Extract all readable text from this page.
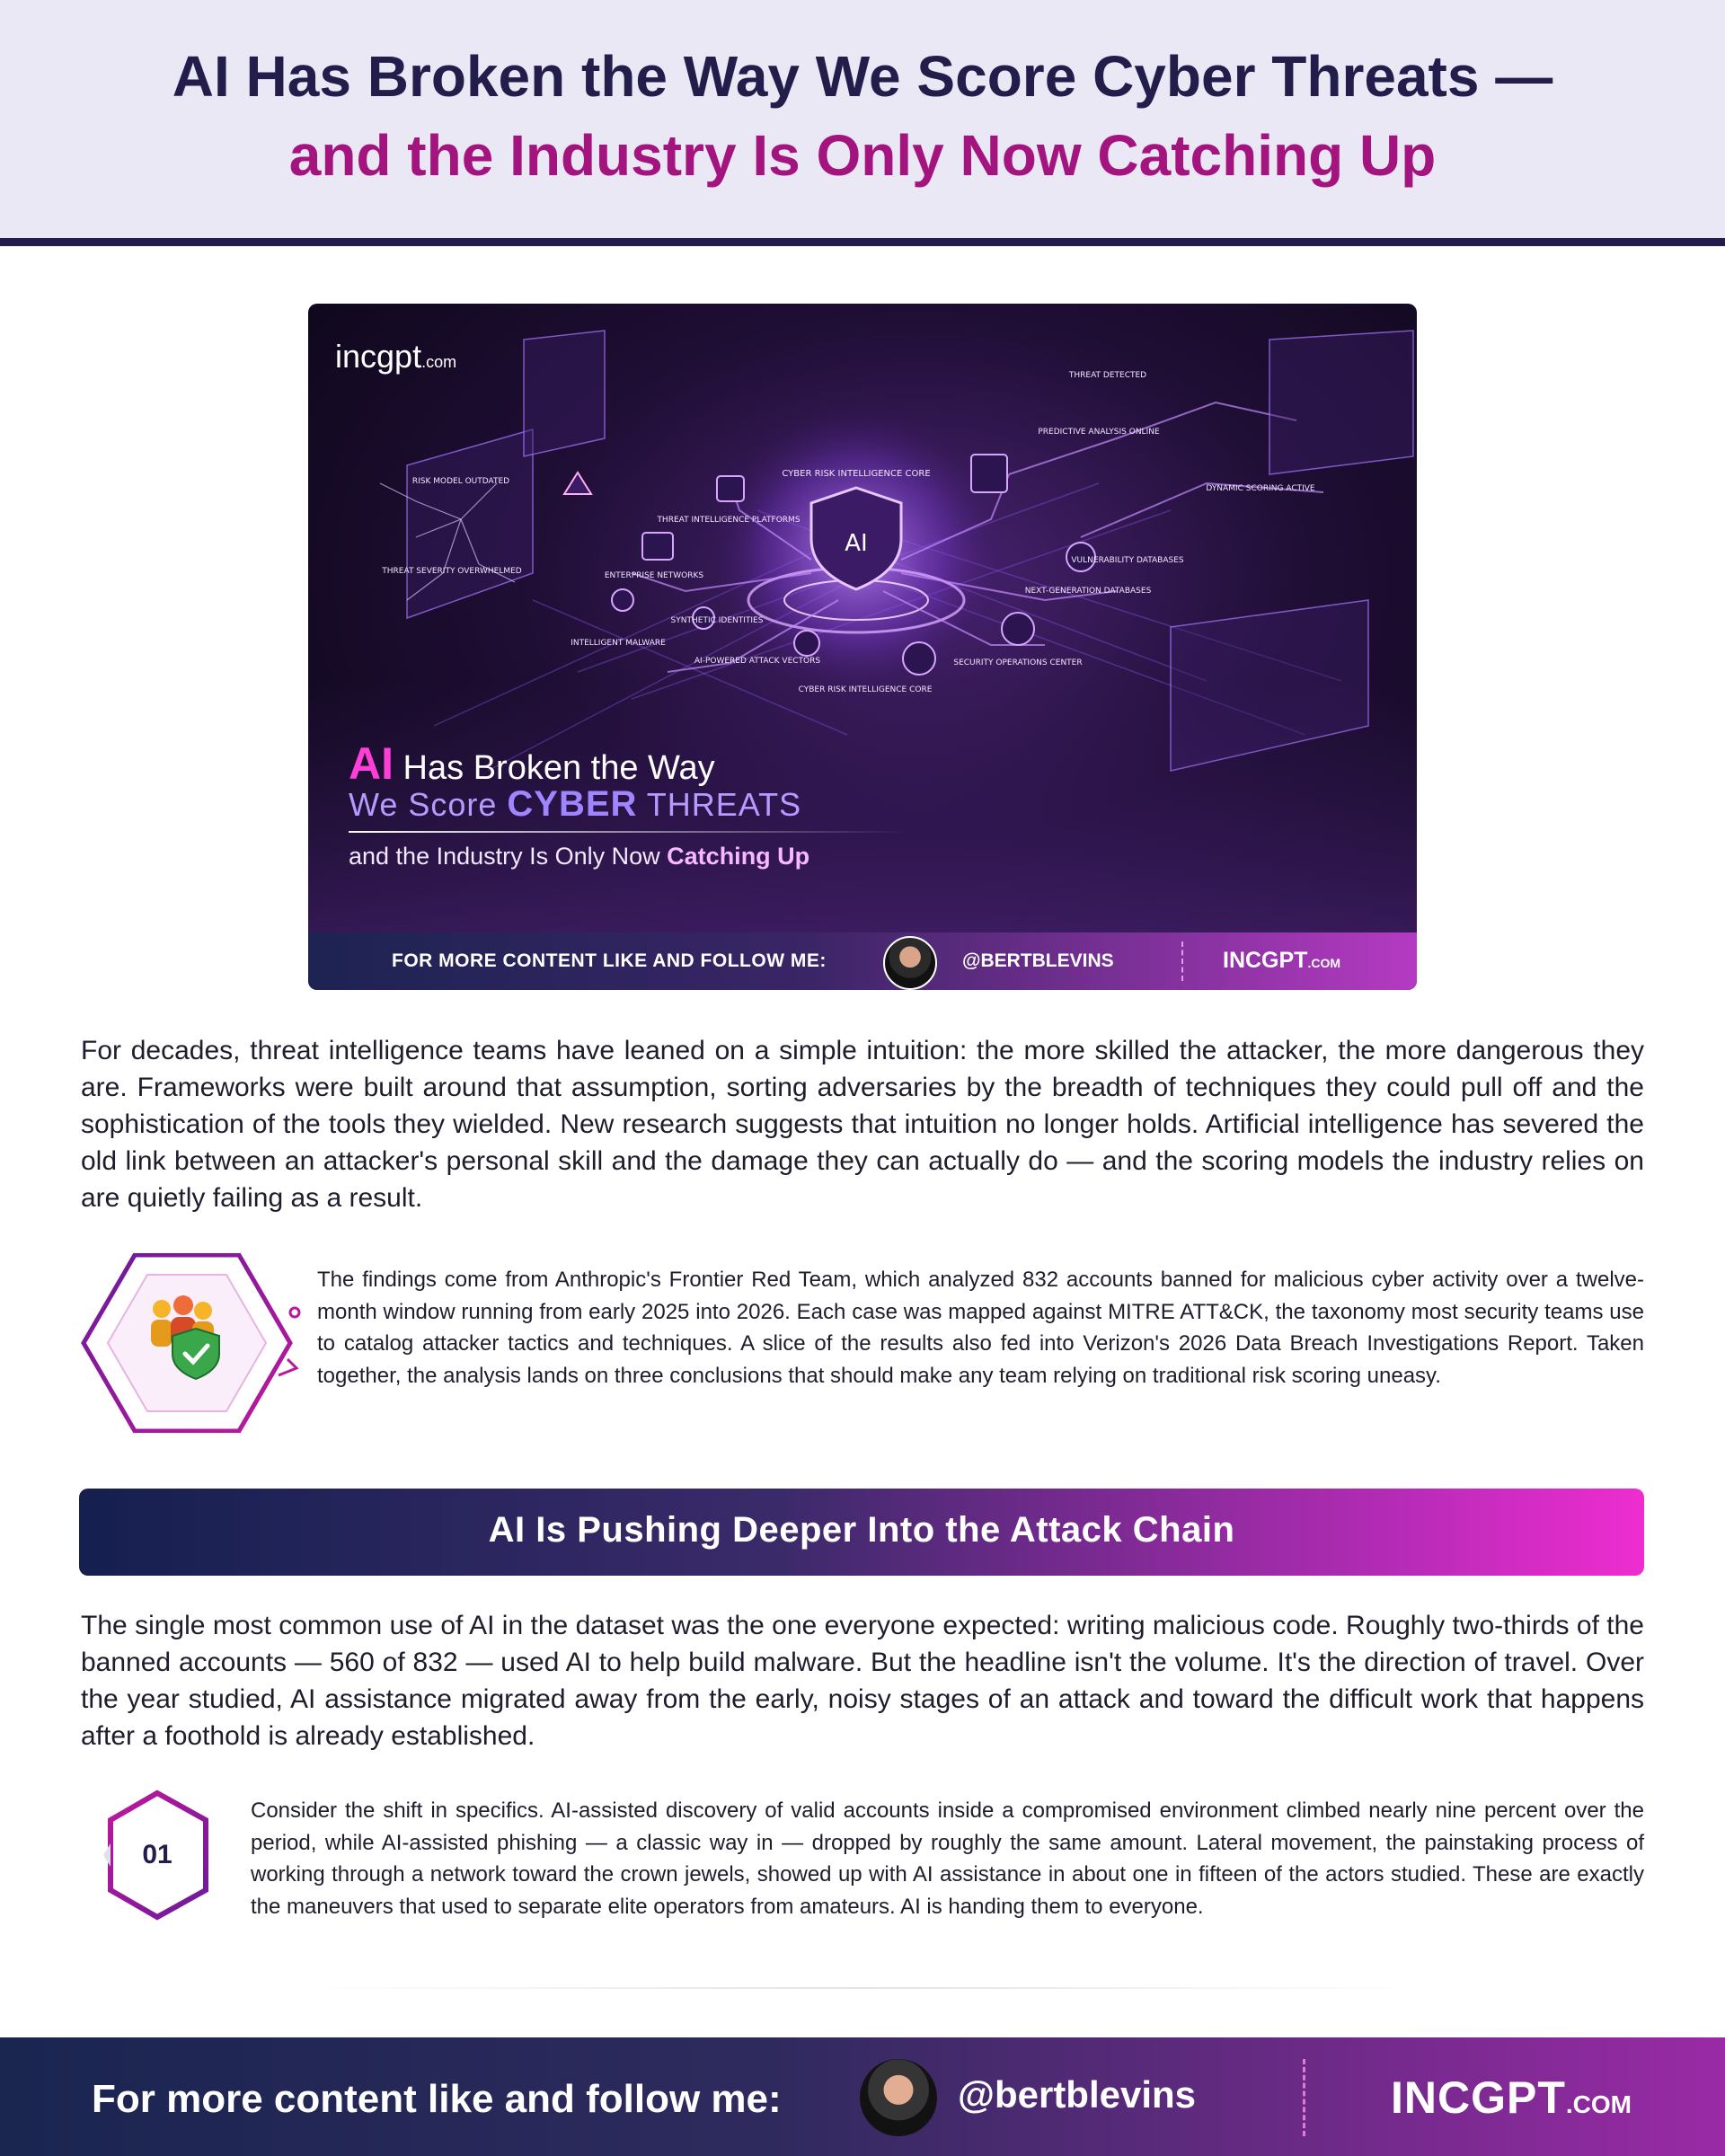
AI Has Broken the Way We Score Cyber Threats —
and the Industry Is Only Now Catching Up
AI
CYBER RISK INTELLIGENCE CORE
THREAT INTELLIGENCE PLATFORMS
ENTERPRISE NETWORKS
SYNTHETIC IDENTITIES
INTELLIGENT MALWARE
AI-POWERED ATTACK VECTORS	SECURITY OPERATIONS CENTER
NEXT-GENERATION DATABASES
VULNERABILITY DATABASES
PREDICTIVE ANALYSIS ONLINE
DYNAMIC SCORING ACTIVE
THREAT DETECTED
RISK MODEL OUTDATED
THREAT SEVERITY OVERWHELMED
incgpt.com
AI Has Broken the Way
We Score CYBER THREATS
and the Industry Is Only Now Catching Up
FOR MORE CONTENT LIKE AND FOLLOW ME:	@BERTBLEVINS	INCGPT.COM

For decades, threat intelligence teams have leaned on a simple intuition: the more skilled the attacker, the more dangerous they are. Frameworks were built around that assumption, sorting adversaries by the breadth of techniques they could pull off and the sophistication of the tools they wielded. New research suggests that intuition no longer holds. Artificial intelligence has severed the old link between an attacker's personal skill and the damage they can actually do — and the scoring models the industry relies on are quietly failing as a result.

The findings come from Anthropic's Frontier Red Team, which analyzed 832 accounts banned for malicious cyber activity over a twelve-month window running from early 2025 into 2026. Each case was mapped against MITRE ATT&CK, the taxonomy most security teams use to catalog attacker tactics and techniques. A slice of the results also fed into Verizon's 2026 Data Breach Investigations Report. Taken together, the analysis lands on three conclusions that should make any team relying on traditional risk scoring uneasy.

AI Is Pushing Deeper Into the Attack Chain

The single most common use of AI in the dataset was the one everyone expected: writing malicious code. Roughly two-thirds of the banned accounts — 560 of 832 — used AI to help build malware. But the headline isn't the volume. It's the direction of travel. Over the year studied, AI assistance migrated away from the early, noisy stages of an attack and toward the difficult work that happens after a foothold is already established.

01

Consider the shift in specifics. AI-assisted discovery of valid accounts inside a compromised environment climbed nearly nine percent over the period, while AI-assisted phishing — a classic way in — dropped by roughly the same amount. Lateral movement, the painstaking process of working through a network toward the crown jewels, showed up with AI assistance in about one in fifteen of the actors studied. These are exactly the maneuvers that used to separate elite operators from amateurs. AI is handing them to everyone.

For more content like and follow me:	@bertblevins	INCGPT.COM
